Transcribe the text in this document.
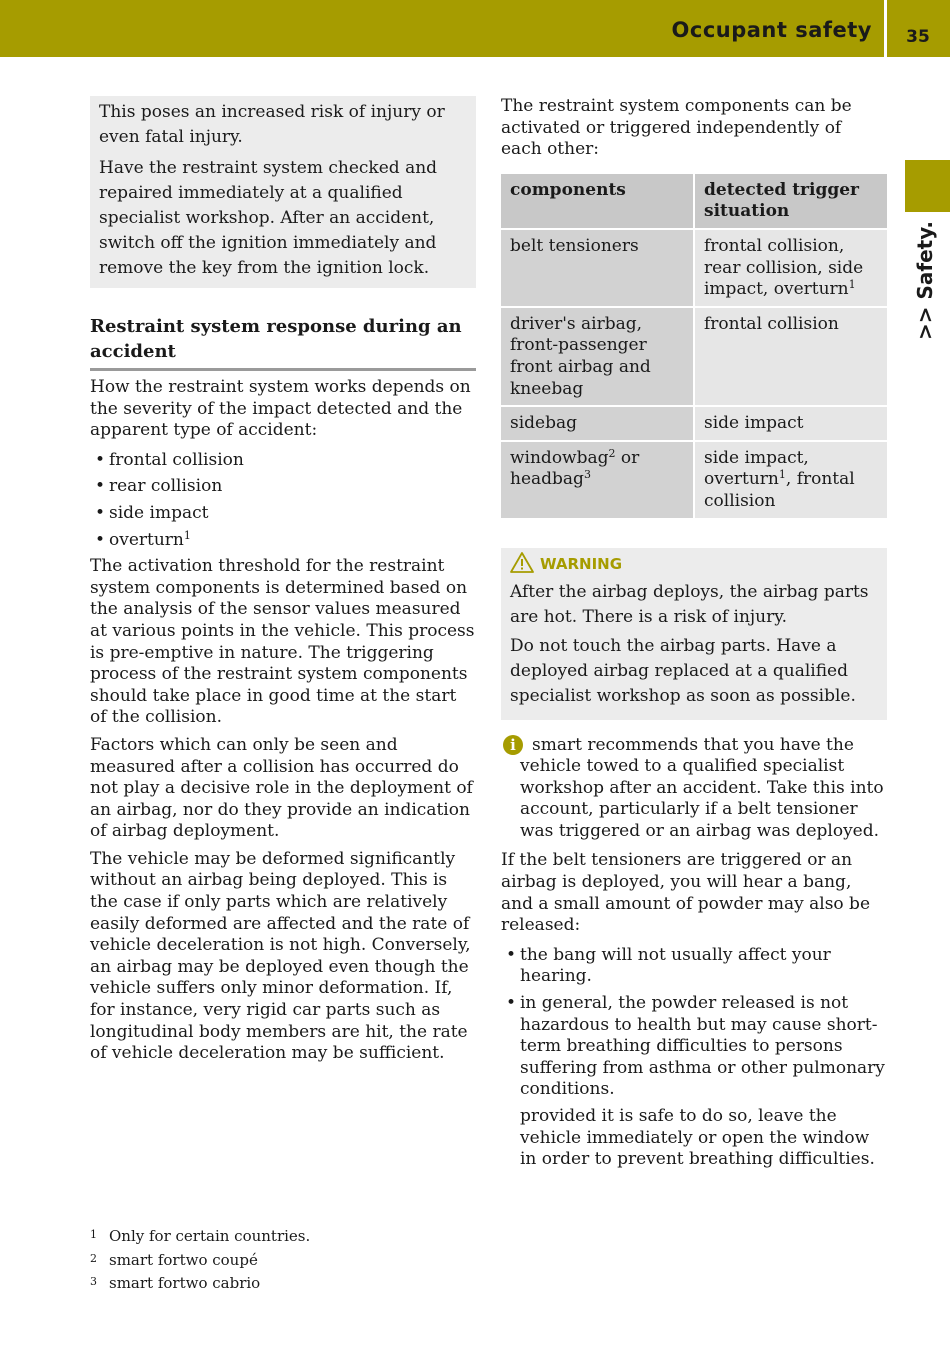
Occupant safety	35
>> Safety.

This poses an increased risk of injury or even fatal injury.

Have the restraint system checked and repaired immediately at a qualified specialist workshop. After an accident, switch off the ignition immediately and remove the key from the ignition lock.

Restraint system response during an accident

How the restraint system works depends on the severity of the impact detected and the apparent type of accident:

• frontal collision
• rear collision
• side impact
• overturn$^1$

The activation threshold for the restraint system components is determined based on the analysis of the sensor values measured at various points in the vehicle. This process is pre-emptive in nature. The triggering process of the restraint system components should take place in good time at the start of the collision.

Factors which can only be seen and measured after a collision has occurred do not play a decisive role in the deployment of an airbag, nor do they provide an indication of airbag deployment.

The vehicle may be deformed significantly without an airbag being deployed. This is the case if only parts which are relatively easily deformed are affected and the rate of vehicle deceleration is not high. Conversely, an airbag may be deployed even though the vehicle suffers only minor deformation. If, for instance, very rigid car parts such as longitudinal body members are hit, the rate of vehicle deceleration may be sufficient.

The restraint system components can be activated or triggered independently of each other:

components	detected trigger situation
belt tensioners	frontal collision, rear collision, side impact, overturn$^1$
driver's airbag, front-passenger front airbag and kneebag	frontal collision
sidebag	side impact
windowbag$^2$ or headbag$^3$	side impact, overturn$^1$, frontal collision
WARNING

After the airbag deploys, the airbag parts are hot. There is a risk of injury.

Do not touch the airbag parts. Have a deployed airbag replaced at a qualified specialist workshop as soon as possible.

i smart recommends that you have the vehicle towed to a qualified specialist workshop after an accident. Take this into account, particularly if a belt tensioner was triggered or an airbag was deployed.

If the belt tensioners are triggered or an airbag is deployed, you will hear a bang, and a small amount of powder may also be released:

• the bang will not usually affect your hearing.
• in general, the powder released is not hazardous to health but may cause short-term breathing difficulties to persons suffering from asthma or other pulmonary conditions.

provided it is safe to do so, leave the vehicle immediately or open the window in order to prevent breathing difficulties.

1 Only for certain countries.
2 smart fortwo coupé
3 smart fortwo cabrio
